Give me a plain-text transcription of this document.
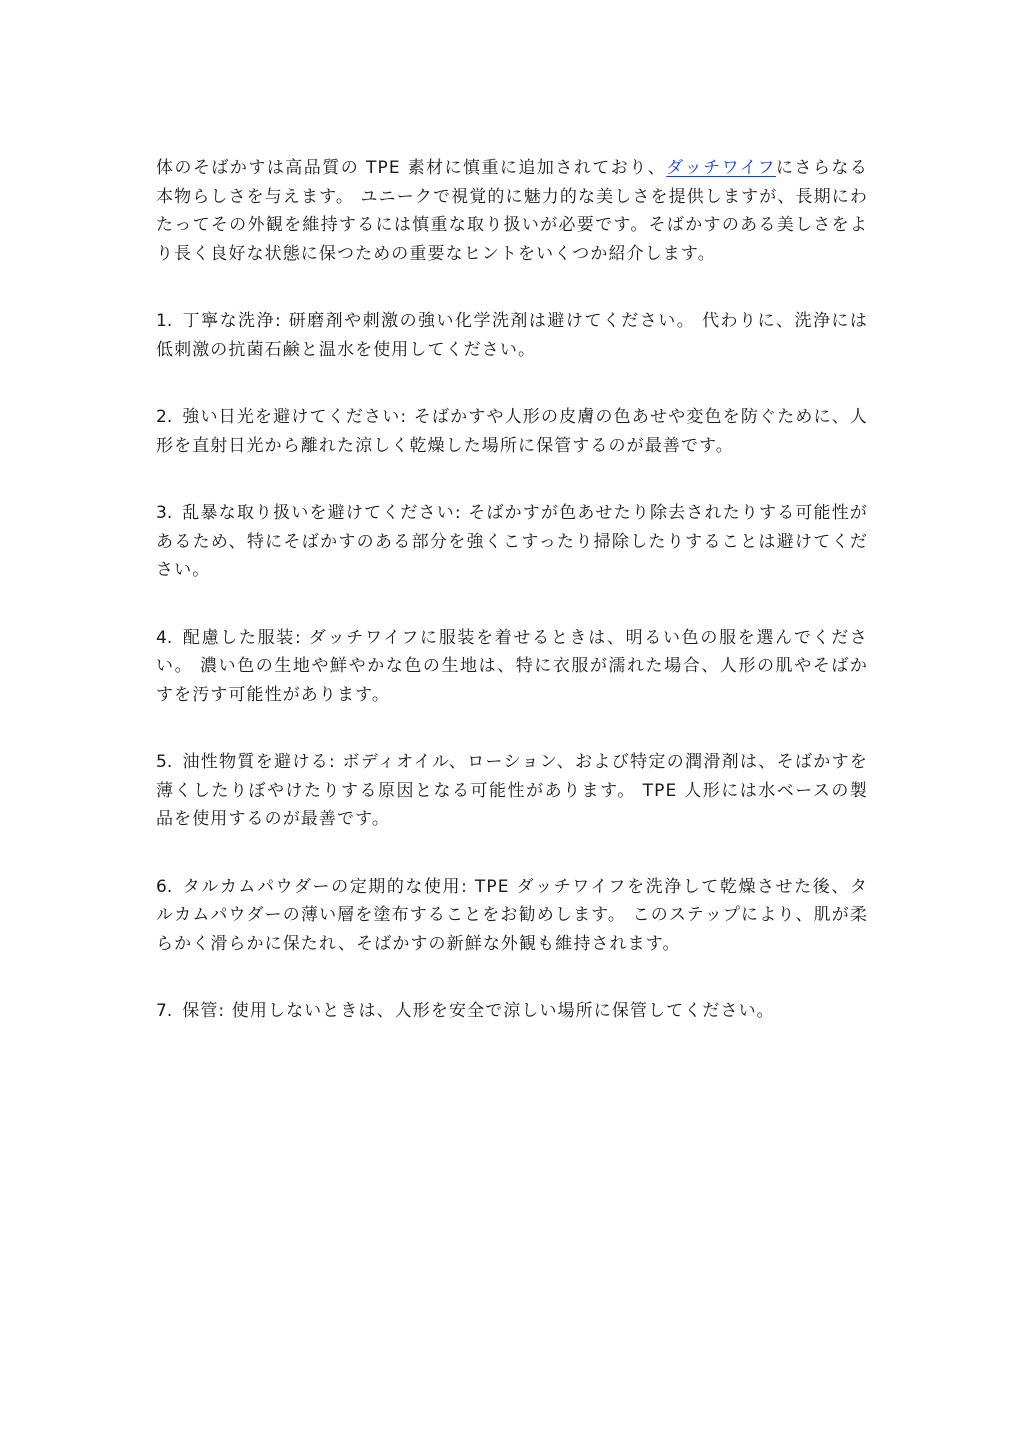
体のそばかすは高品質の TPE 素材に慎重に追加されており、ダッチワイフにさらなる本物らしさを与えます。 ユニークで視覚的に魅力的な美しさを提供しますが、長期にわたってその外観を維持するには慎重な取り扱いが必要です。そばかすのある美しさをより長く良好な状態に保つための重要なヒントをいくつか紹介します。

1. 丁寧な洗浄: 研磨剤や刺激の強い化学洗剤は避けてください。 代わりに、洗浄には低刺激の抗菌石鹸と温水を使用してください。

2. 強い日光を避けてください: そばかすや人形の皮膚の色あせや変色を防ぐために、人形を直射日光から離れた涼しく乾燥した場所に保管するのが最善です。

3. 乱暴な取り扱いを避けてください: そばかすが色あせたり除去されたりする可能性があるため、特にそばかすのある部分を強くこすったり掃除したりすることは避けてください。

4. 配慮した服装: ダッチワイフに服装を着せるときは、明るい色の服を選んでください。 濃い色の生地や鮮やかな色の生地は、特に衣服が濡れた場合、人形の肌やそばかすを汚す可能性があります。

5. 油性物質を避ける: ボディオイル、ローション、および特定の潤滑剤は、そばかすを薄くしたりぼやけたりする原因となる可能性があります。 TPE 人形には水ベースの製品を使用するのが最善です。

6. タルカムパウダーの定期的な使用: TPE ダッチワイフを洗浄して乾燥させた後、タルカムパウダーの薄い層を塗布することをお勧めします。 このステップにより、肌が柔らかく滑らかに保たれ、そばかすの新鮮な外観も維持されます。

7. 保管: 使用しないときは、人形を安全で涼しい場所に保管してください。
